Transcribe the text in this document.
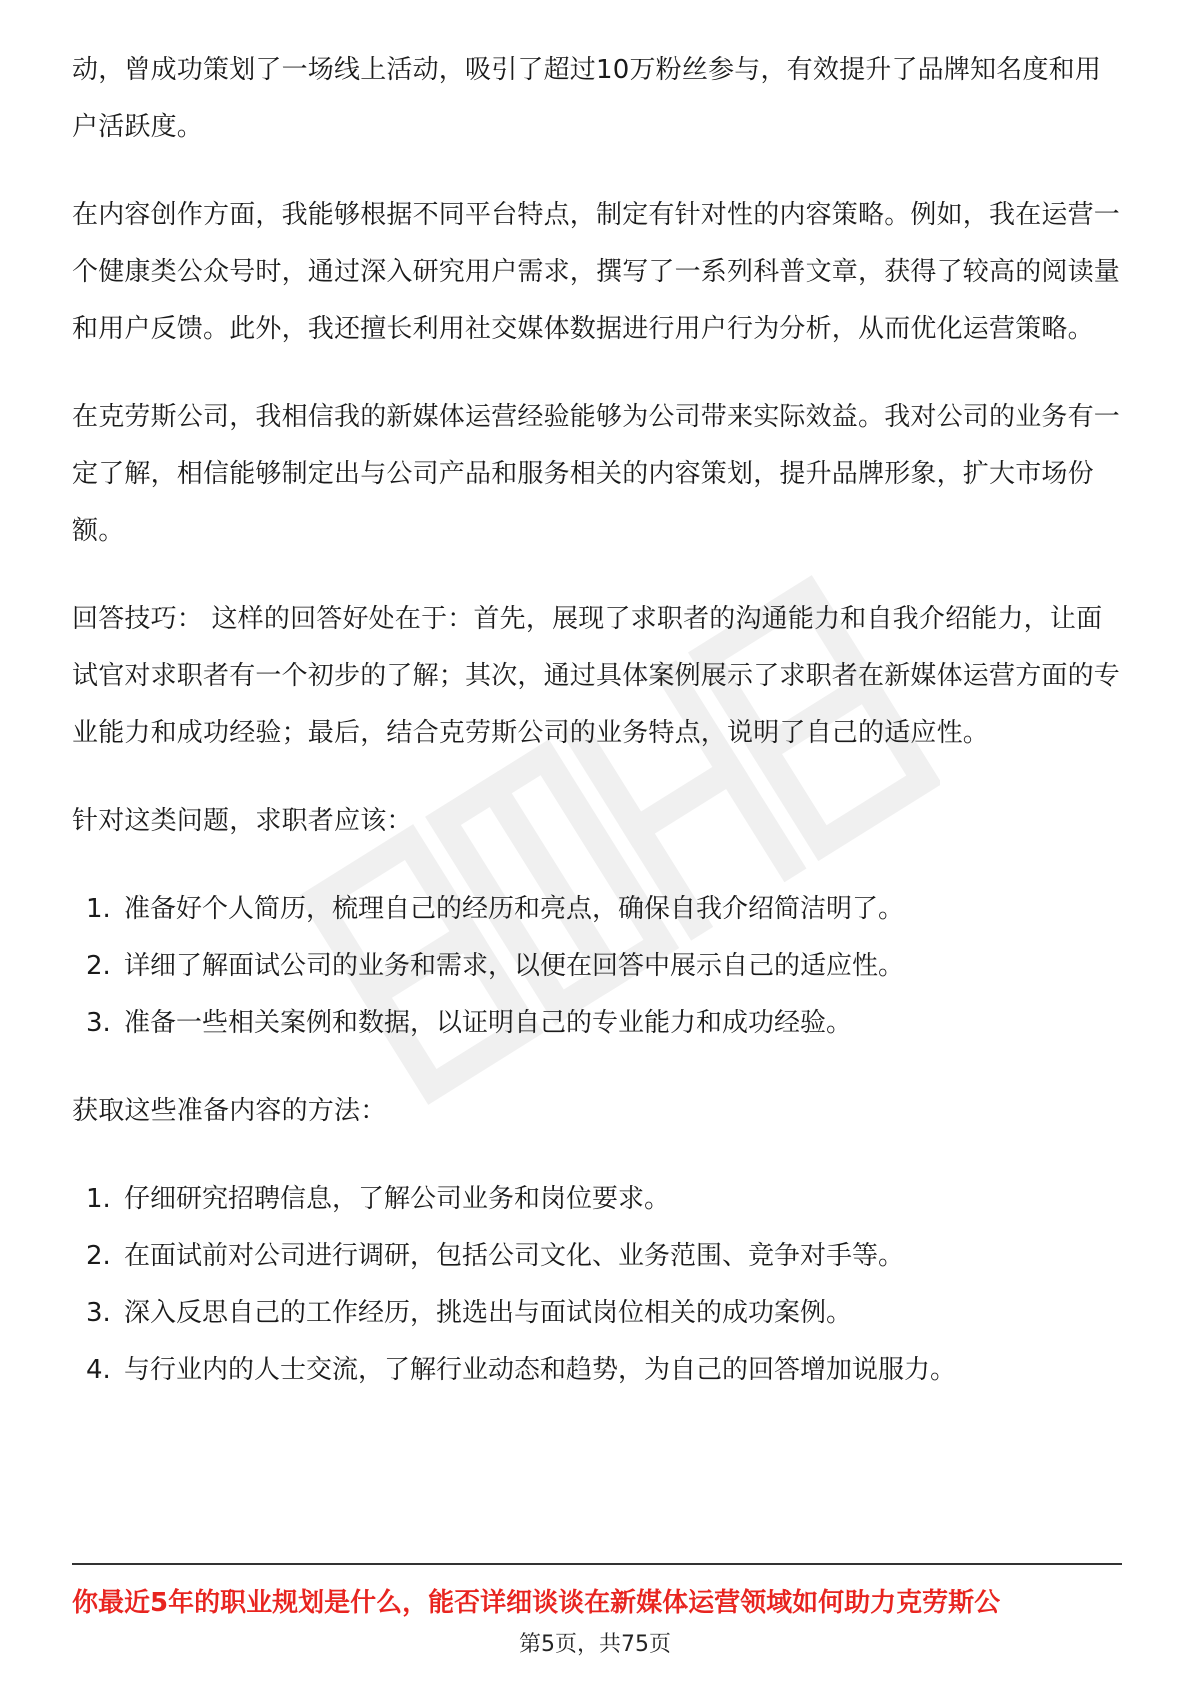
动，曾成功策划了一场线上活动，吸引了超过10万粉丝参与，有效提升了品牌知名度和用户活跃度。

在内容创作方面，我能够根据不同平台特点，制定有针对性的内容策略。例如，我在运营一个健康类公众号时，通过深入研究用户需求，撰写了一系列科普文章，获得了较高的阅读量和用户反馈。此外，我还擅长利用社交媒体数据进行用户行为分析，从而优化运营策略。

在克劳斯公司，我相信我的新媒体运营经验能够为公司带来实际效益。我对公司的业务有一定了解，相信能够制定出与公司产品和服务相关的内容策划，提升品牌形象，扩大市场份额。

回答技巧： 这样的回答好处在于：首先，展现了求职者的沟通能力和自我介绍能力，让面试官对求职者有一个初步的了解；其次，通过具体案例展示了求职者在新媒体运营方面的专业能力和成功经验；最后，结合克劳斯公司的业务特点，说明了自己的适应性。

针对这类问题，求职者应该：

1. 准备好个人简历，梳理自己的经历和亮点，确保自我介绍简洁明了。
2. 详细了解面试公司的业务和需求，以便在回答中展示自己的适应性。
3. 准备一些相关案例和数据，以证明自己的专业能力和成功经验。

获取这些准备内容的方法：

1. 仔细研究招聘信息，了解公司业务和岗位要求。
2. 在面试前对公司进行调研，包括公司文化、业务范围、竞争对手等。
3. 深入反思自己的工作经历，挑选出与面试岗位相关的成功案例。
4. 与行业内的人士交流，了解行业动态和趋势，为自己的回答增加说服力。
你最近5年的职业规划是什么，能否详细谈谈在新媒体运营领域如何助力克劳斯公
第5页，共75页
